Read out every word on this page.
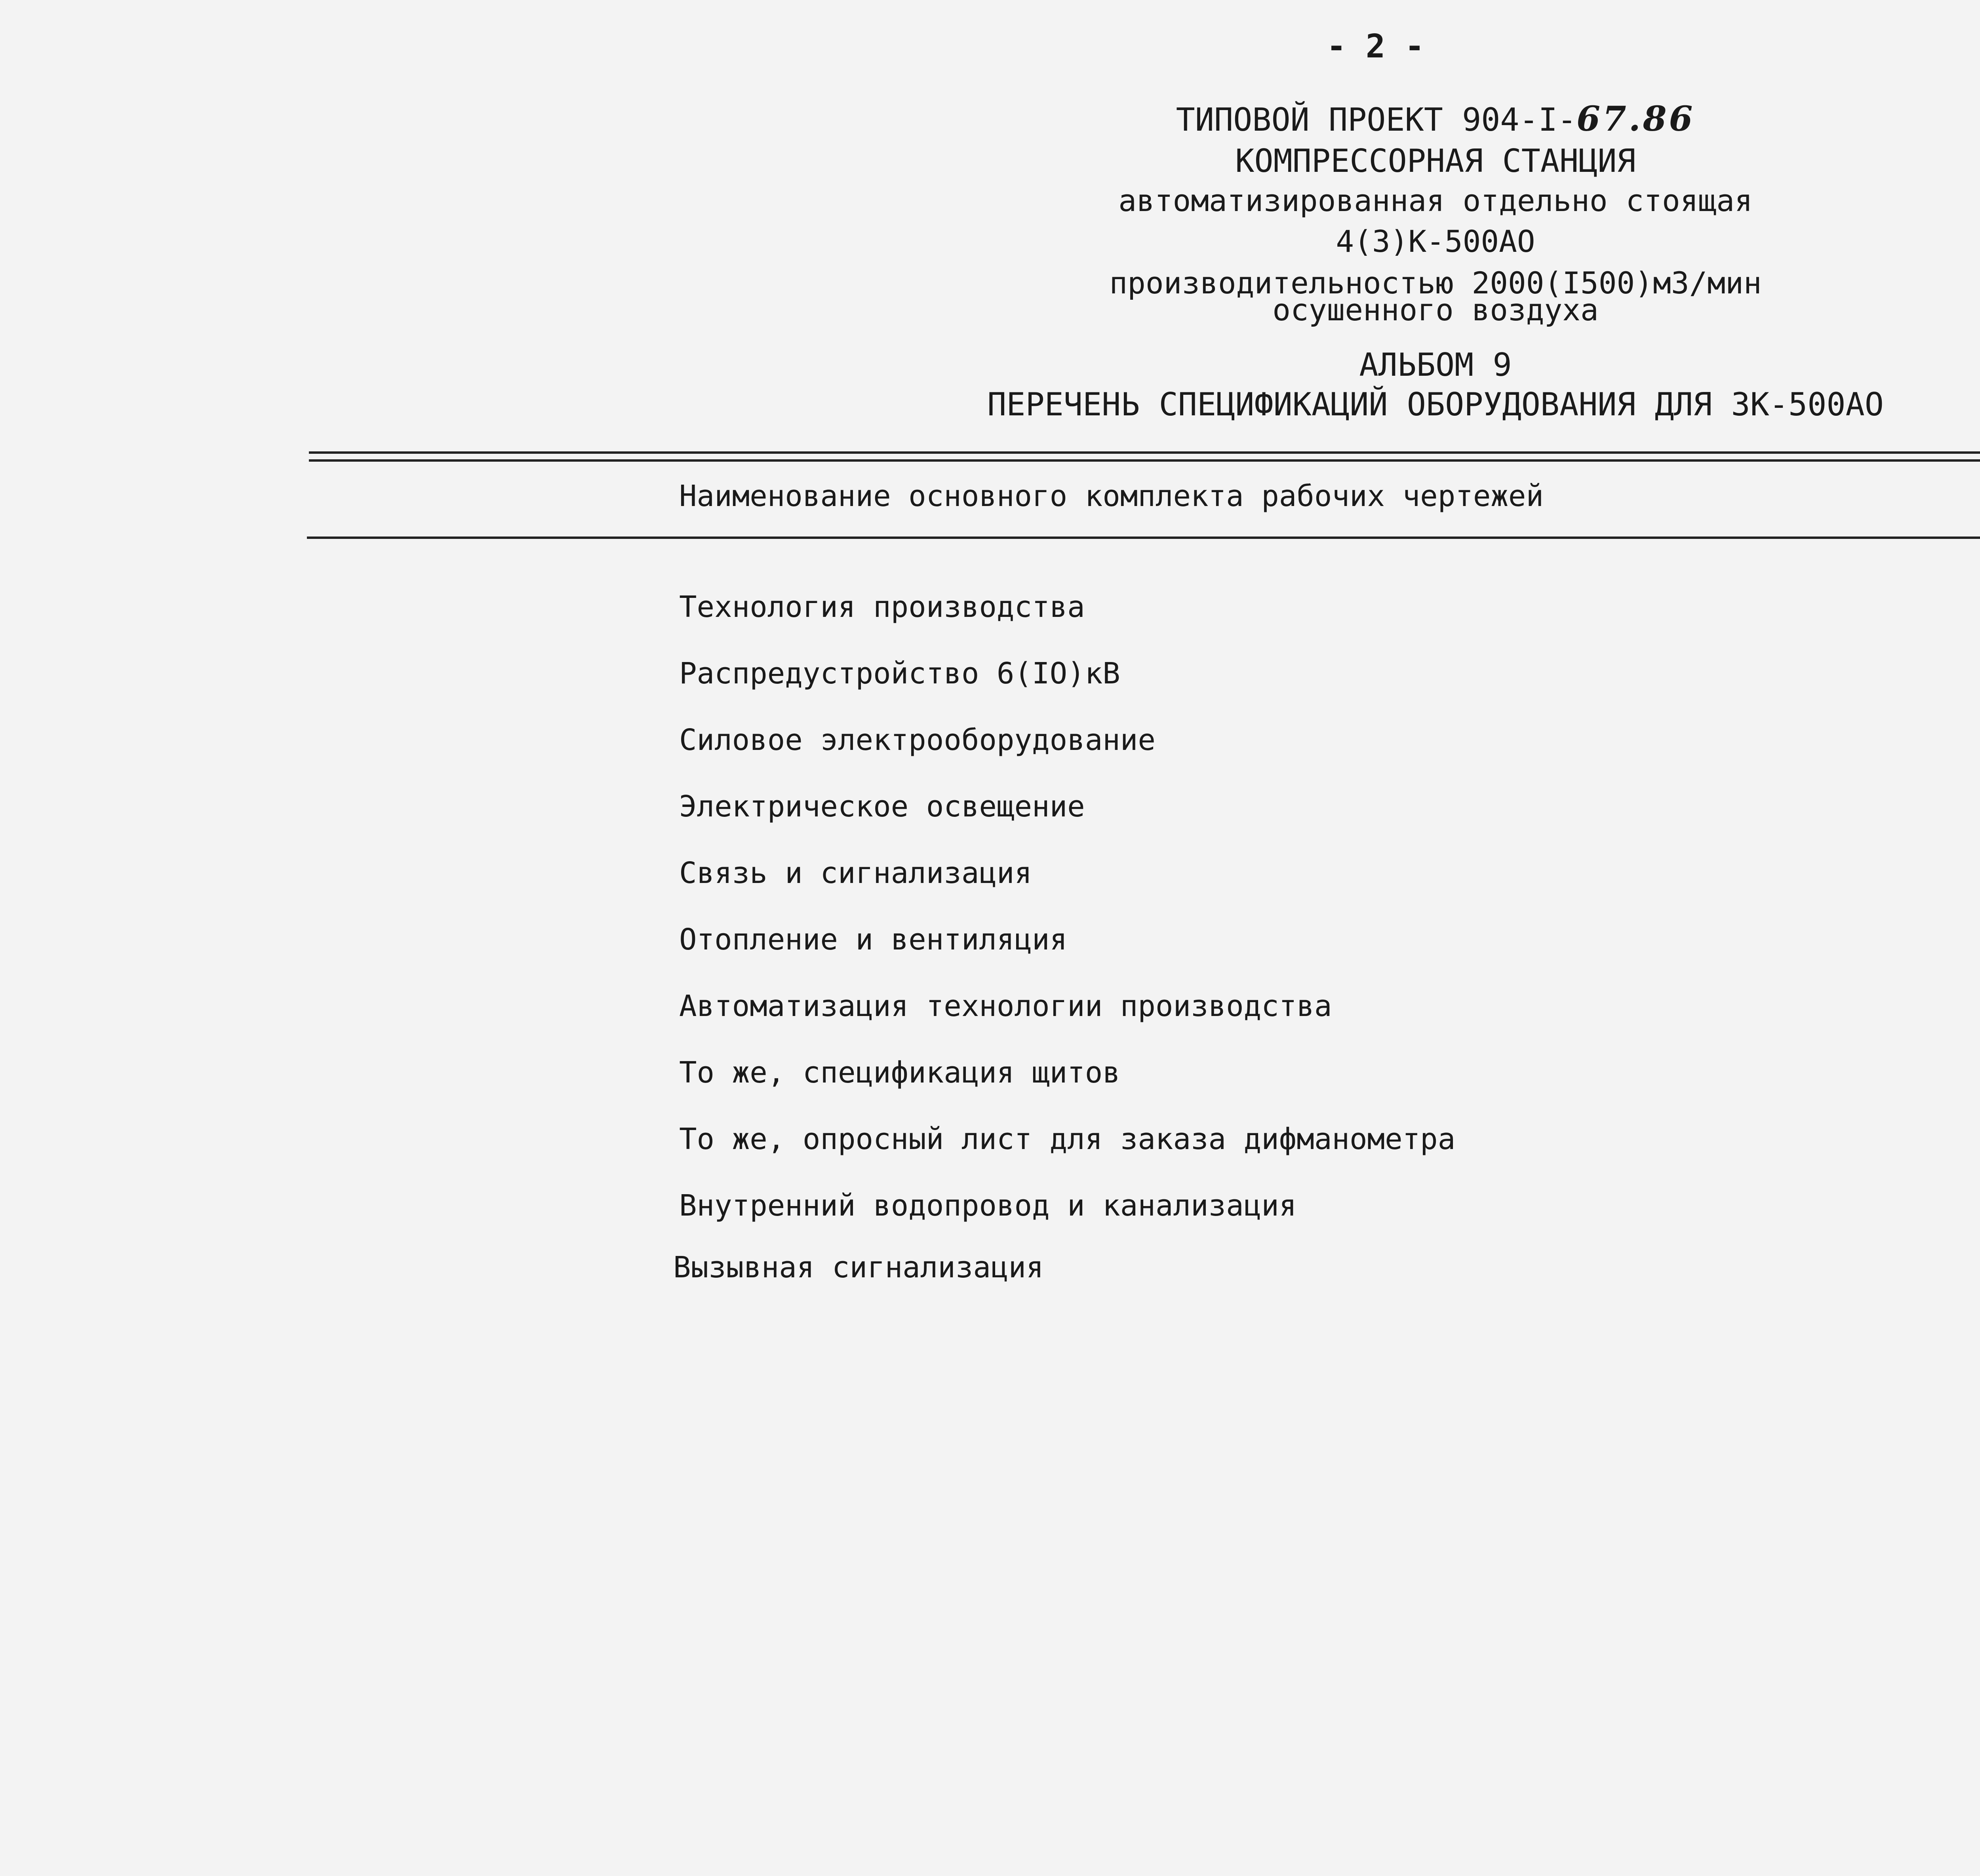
- 2 -
ТИПОВОЙ ПРОЕКТ 904-I-67.86
КОМПРЕССОРНАЯ СТАНЦИЯ
автоматизированная отдельно стоящая
4(3)К-500АО
производительностью 2000(I500)м3/мин
осушенного воздуха
АЛЬБОМ 9
ПЕРЕЧЕНЬ СПЕЦИФИКАЦИЙ ОБОРУДОВАНИЯ ДЛЯ 3К-500АО
Наименование основного комплекта рабочих чертежей
Технология производства
Распредустройство 6(IO)кВ
Силовое электрооборудование
Электрическое освещение
Связь и сигнализация
Отопление и вентиляция
Автоматизация технологии производства
То же, спецификация щитов
То же, опросный лист для заказа дифманометра
Внутренний водопровод и канализация
Вызывная сигнализация
